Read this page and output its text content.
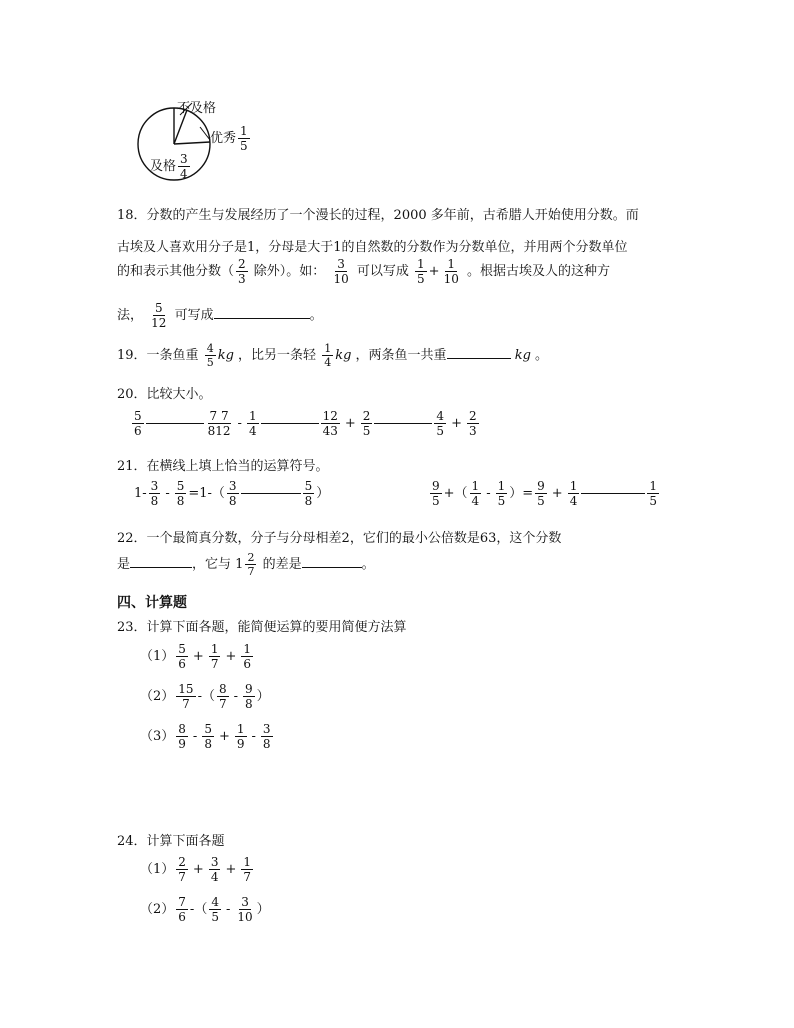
不及格
优秀 $\frac{1}{5}$
及格 $\frac{3}{4}$
18．分数的产生与发展经历了一个漫长的过程，2000 多年前，古希腊人开始使用分数。而
古埃及人喜欢用分子是1，分母是大于1的自然数的分数作为分数单位，并用两个分数单位
的和表示其他分数（ $\frac{2}{3}$ 除外）。如： $\frac{3}{10}$ 可以写成 $\frac{1}{5} + \frac{1}{10}$ 。根据古埃及人的这种方
法， $\frac{5}{12}$ 可写成	。
19．一条鱼重 $\frac{4}{5}$ kg ，比另一条轻 $\frac{1}{4}$ kg ，两条鱼一共重	kg 。
20．比较大小。
$\frac{5}{6}$	$\frac{7 7}{812} - \frac{1}{4}$	$\frac{12}{43} + \frac{2}{5}$	$\frac{4}{5} + \frac{2}{3}$
21．在横线上填上恰当的运算符号。
$1- \frac{3}{8} - \frac{5}{8} =1-( \frac{3}{8}$	$\frac{5}{8}$ ）	$\frac{9}{5}$ +（ $\frac{1}{4} - \frac{1}{5}$ ）= $\frac{9}{5} + \frac{1}{4}$	$\frac{1}{5}$
22．一个最简真分数，分子与分母相差2，它们的最小公倍数是63，这个分数
是	，它与 $1 \frac{2}{7}$ 的差是	。
四、计算题
23．计算下面各题，能简便运算的要用简便方法算
$(1) \frac{5}{6} + \frac{1}{7} + \frac{1}{6}$
$(2) \frac{15}{7}$ -（ $\frac{8}{7} - \frac{9}{8}$ ）
$(3) \frac{8}{9} - \frac{5}{8} + \frac{1}{9} - \frac{3}{8}$
24．计算下面各题
$(1) \frac{2}{7} + \frac{3}{4} + \frac{1}{7}$
$(2) \frac{7}{6}$ -（ $\frac{4}{5} - \frac{3}{10}$ ）
